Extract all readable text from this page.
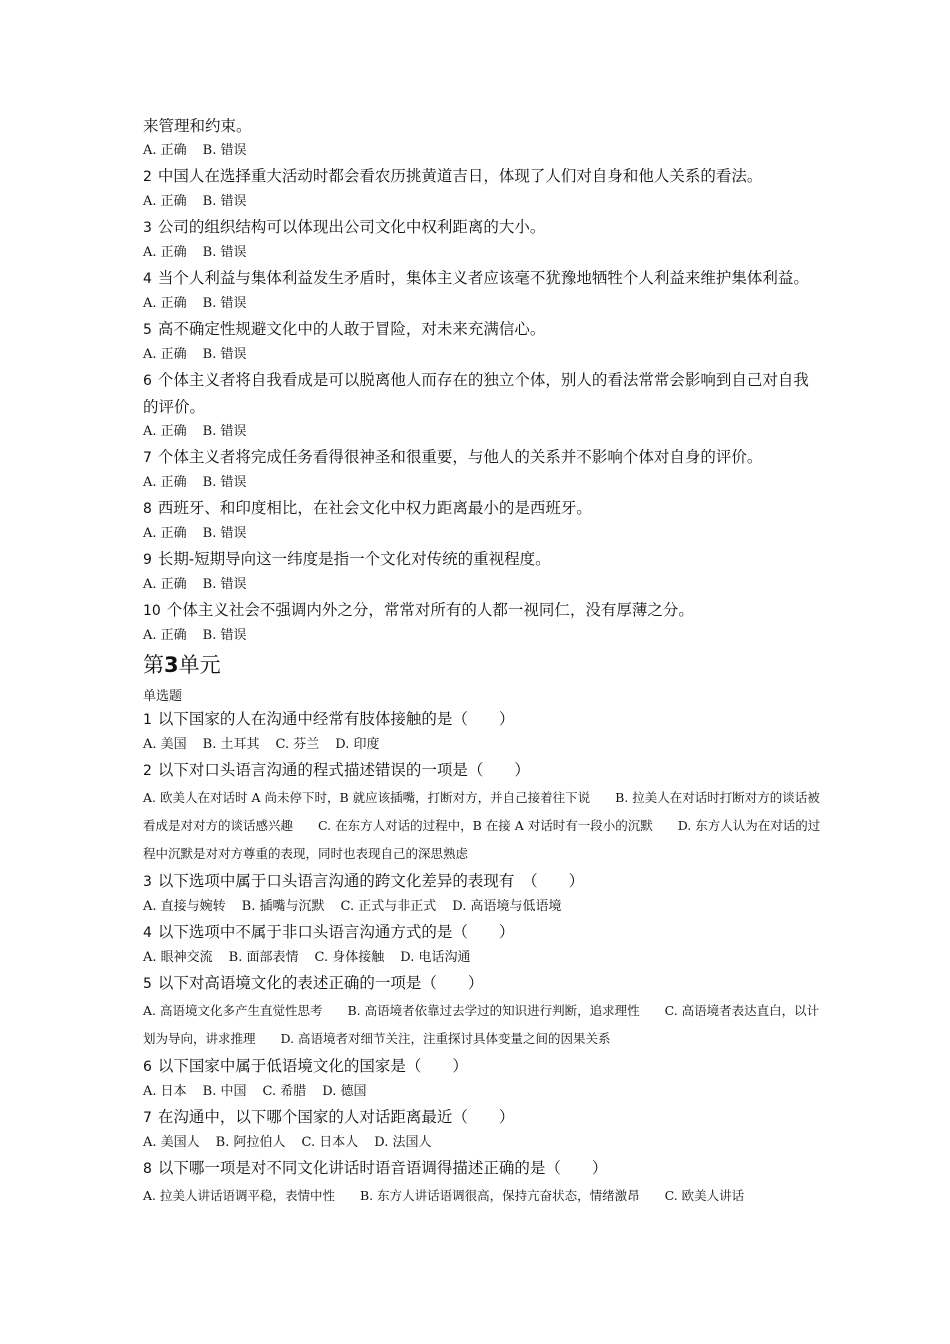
来管理和约束。

A. 正确 B. 错误

2 中国人在选择重大活动时都会看农历挑黄道吉日，体现了人们对自身和他人关系的看法。

A. 正确 B. 错误

3 公司的组织结构可以体现出公司文化中权利距离的大小。

A. 正确 B. 错误

4 当个人利益与集体利益发生矛盾时，集体主义者应该毫不犹豫地牺牲个人利益来维护集体利益。

A. 正确 B. 错误

5 高不确定性规避文化中的人敢于冒险，对未来充满信心。

A. 正确 B. 错误

6 个体主义者将自我看成是可以脱离他人而存在的独立个体，别人的看法常常会影响到自己对自我的评价。

A. 正确 B. 错误

7 个体主义者将完成任务看得很神圣和很重要，与他人的关系并不影响个体对自身的评价。

A. 正确 B. 错误

8 西班牙、和印度相比，在社会文化中权力距离最小的是西班牙。

A. 正确 B. 错误

9 长期-短期导向这一纬度是指一个文化对传统的重视程度。

A. 正确 B. 错误

10 个体主义社会不强调内外之分，常常对所有的人都一视同仁，没有厚薄之分。

A. 正确 B. 错误

第3单元

单选题

1 以下国家的人在沟通中经常有肢体接触的是（　　）

A. 美国 B. 土耳其 C. 芬兰 D. 印度

2 以下对口头语言沟通的程式描述错误的一项是（　　）

A. 欧美人在对话时 A 尚未停下时，B 就应该插嘴，打断对方，并自己接着往下说　　B. 拉美人在对话时打断对方的谈话被看成是对对方的谈话感兴趣　　C. 在东方人对话的过程中，B 在接 A 对话时有一段小的沉默　　D. 东方人认为在对话的过程中沉默是对对方尊重的表现，同时也表现自己的深思熟虑

3 以下选项中属于口头语言沟通的跨文化差异的表现有　（　　）

A. 直接与婉转 B. 插嘴与沉默 C. 正式与非正式 D. 高语境与低语境

4 以下选项中不属于非口头语言沟通方式的是（　　）

A. 眼神交流 B. 面部表情 C. 身体接触 D. 电话沟通

5 以下对高语境文化的表述正确的一项是（　　）

A. 高语境文化多产生直觉性思考　　B. 高语境者依靠过去学过的知识进行判断，追求理性　　C. 高语境者表达直白，以计划为导向，讲求推理　　D. 高语境者对细节关注，注重探讨具体变量之间的因果关系

6 以下国家中属于低语境文化的国家是（　　）

A. 日本 B. 中国 C. 希腊 D. 德国

7 在沟通中，以下哪个国家的人对话距离最近（　　）

A. 美国人 B. 阿拉伯人 C. 日本人 D. 法国人

8 以下哪一项是对不同文化讲话时语音语调得描述正确的是（　　）

A. 拉美人讲话语调平稳，表情中性　　B. 东方人讲话语调很高，保持亢奋状态，情绪激昂　　C. 欧美人讲话
